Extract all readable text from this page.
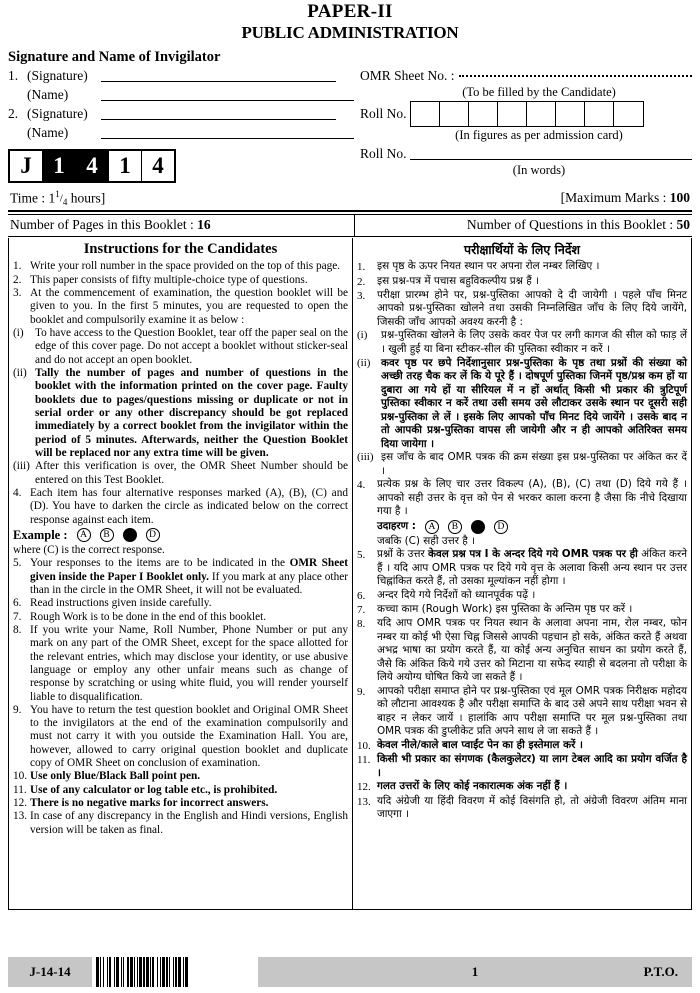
PAPER-II
PUBLIC ADMINISTRATION
Signature and Name of Invigilator
1. (Signature)
(Name)
2. (Signature)
(Name)
J 1 4 1 4
OMR Sheet No. :
(To be filled by the Candidate)
Roll No.
(In figures as per admission card)
Roll No.
(In words)
Time : $1^1/_4$ hours]	[Maximum Marks : 100
Number of Pages in this Booklet : 16	Number of Questions in this Booklet : 50
Instructions for the Candidates
1. Write your roll number in the space provided on the top of this page.
2. This paper consists of fifty multiple-choice type of questions.
3. At the commencement of examination, the question booklet will be given to you. In the first 5 minutes, you are requested to open the booklet and compulsorily examine it as below :
(i)	To have access to the Question Booklet, tear off the paper seal on the edge of this cover page. Do not accept a booklet without sticker-seal and do not accept an open booklet.
(ii) Tally the number of pages and number of questions in the booklet with the information printed on the cover page. Faulty booklets due to pages/questions missing or duplicate or not in serial order or any other discrepancy should be got replaced immediately by a correct booklet from the invigilator within the period of 5 minutes. Afterwards, neither the Question Booklet will be replaced nor any extra time will be given.
(iii) After this verification is over, the OMR Sheet Number should be entered on this Test Booklet.
4. Each item has four alternative responses marked (A), (B), (C) and (D). You have to darken the circle as indicated below on the correct response against each item.
Example :	A	B	D
where (C) is the correct response.
5. Your responses to the items are to be indicated in the OMR Sheet given inside the Paper I Booklet only. If you mark at any place other than in the circle in the OMR Sheet, it will not be evaluated.
6. Read instructions given inside carefully.
7. Rough Work is to be done in the end of this booklet.
8. If you write your Name, Roll Number, Phone Number or put any mark on any part of the OMR Sheet, except for the space allotted for the relevant entries, which may disclose your identity, or use abusive language or employ any other unfair means such as change of response by scratching or using white fluid, you will render yourself liable to disqualification.
9. You have to return the test question booklet and Original OMR Sheet to the invigilators at the end of the examination compulsorily and must not carry it with you outside the Examination Hall. You are, however, allowed to carry original question booklet and duplicate copy of OMR Sheet on conclusion of examination.
10. Use only Blue/Black Ball point pen.
11. Use of any calculator or log table etc., is prohibited.
12. There is no negative marks for incorrect answers.
13. In case of any discrepancy in the English and Hindi versions, English version will be taken as final.
परीक्षार्थियों के लिए निर्देश
1.	इस पृष्ठ के ऊपर नियत स्थान पर अपना रोल नम्बर लिखिए ।
2.	इस प्रश्न-पत्र में पचास बहुविकल्पीय प्रश्न हैं ।
3.	परीक्षा प्रारम्भ होने पर, प्रश्न-पुस्तिका आपको दे दी जायेगी । पहले पाँच मिनट आपको प्रश्न-पुस्तिका खोलने तथा उसकी निम्नलिखित जाँच के लिए दिये जायेंगे, जिसकी जाँच आपको अवश्य करनी है :
(i)	प्रश्न-पुस्तिका खोलने के लिए उसके कवर पेज पर लगी कागज की सील को फाड़ लें । खुली हुई या बिना स्टीकर-सील की पुस्तिका स्वीकार न करें ।
(ii)	कवर पृष्ठ पर छपे निर्देशानुसार प्रश्न-पुस्तिका के पृष्ठ तथा प्रश्नों की संख्या को अच्छी तरह चैक कर लें कि ये पूरे हैं । दोषपूर्ण पुस्तिका जिनमें पृष्ठ/प्रश्न कम हों या दुबारा आ गये हों या सीरियल में न हों अर्थात् किसी भी प्रकार की त्रुटिपूर्ण पुस्तिका स्वीकार न करें तथा उसी समय उसे लौटाकर उसके स्थान पर दूसरी सही प्रश्न-पुस्तिका ले लें । इसके लिए आपको पाँच मिनट दिये जायेंगे । उसके बाद न तो आपकी प्रश्न-पुस्तिका वापस ली जायेगी और न ही आपको अतिरिक्त समय दिया जायेगा ।
(iii) इस जाँच के बाद OMR पत्रक की क्रम संख्या इस प्रश्न-पुस्तिका पर अंकित कर दें ।
4.	प्रत्येक प्रश्न के लिए चार उत्तर विकल्प (A), (B), (C) तथा (D) दिये गये हैं । आपको सही उत्तर के वृत्त को पेन से भरकर काला करना है जैसा कि नीचे दिखाया गया है ।
उदाहरण :	A	B	D
जबकि (C) सही उत्तर है ।
5.	प्रश्नों के उत्तर केवल प्रश्न पत्र I के अन्दर दिये गये OMR पत्रक पर ही अंकित करने हैं । यदि आप OMR पत्रक पर दिये गये वृत्त के अलावा किसी अन्य स्थान पर उत्तर चिह्नांकित करते हैं, तो उसका मूल्यांकन नहीं होगा ।
6.	अन्दर दिये गये निर्देशों को ध्यानपूर्वक पढ़ें ।
7.	कच्चा काम (Rough Work) इस पुस्तिका के अन्तिम पृष्ठ पर करें ।
8.	यदि आप OMR पत्रक पर नियत स्थान के अलावा अपना नाम, रोल नम्बर, फोन नम्बर या कोई भी ऐसा चिह्न जिससे आपकी पहचान हो सके, अंकित करते हैं अथवा अभद्र भाषा का प्रयोग करते हैं, या कोई अन्य अनुचित साधन का प्रयोग करते हैं, जैसे कि अंकित किये गये उत्तर को मिटाना या सफेद स्याही से बदलना तो परीक्षा के लिये अयोग्य घोषित किये जा सकते हैं ।
9.	आपको परीक्षा समाप्त होने पर प्रश्न-पुस्तिका एवं मूल OMR पत्रक निरीक्षक महोदय को लौटाना आवश्यक है और परीक्षा समाप्ति के बाद उसे अपने साथ परीक्षा भवन से बाहर न लेकर जायें । हालांकि आप परीक्षा समाप्ति पर मूल प्रश्न-पुस्तिका तथा OMR पत्रक की डुप्लीकेट प्रति अपने साथ ले जा सकते हैं ।
10. केवल नीले/काले बाल प्वाईंट पेन का ही इस्तेमाल करें ।
11. किसी भी प्रकार का संगणक (कैलकुलेटर) या लाग टेबल आदि का प्रयोग वर्जित है ।
12. गलत उत्तरों के लिए कोई नकारात्मक अंक नहीं हैं ।
13. यदि अंग्रेजी या हिंदी विवरण में कोई विसंगति हो, तो अंग्रेजी विवरण अंतिम माना जाएगा ।
J-14-14	1	P.T.O.
